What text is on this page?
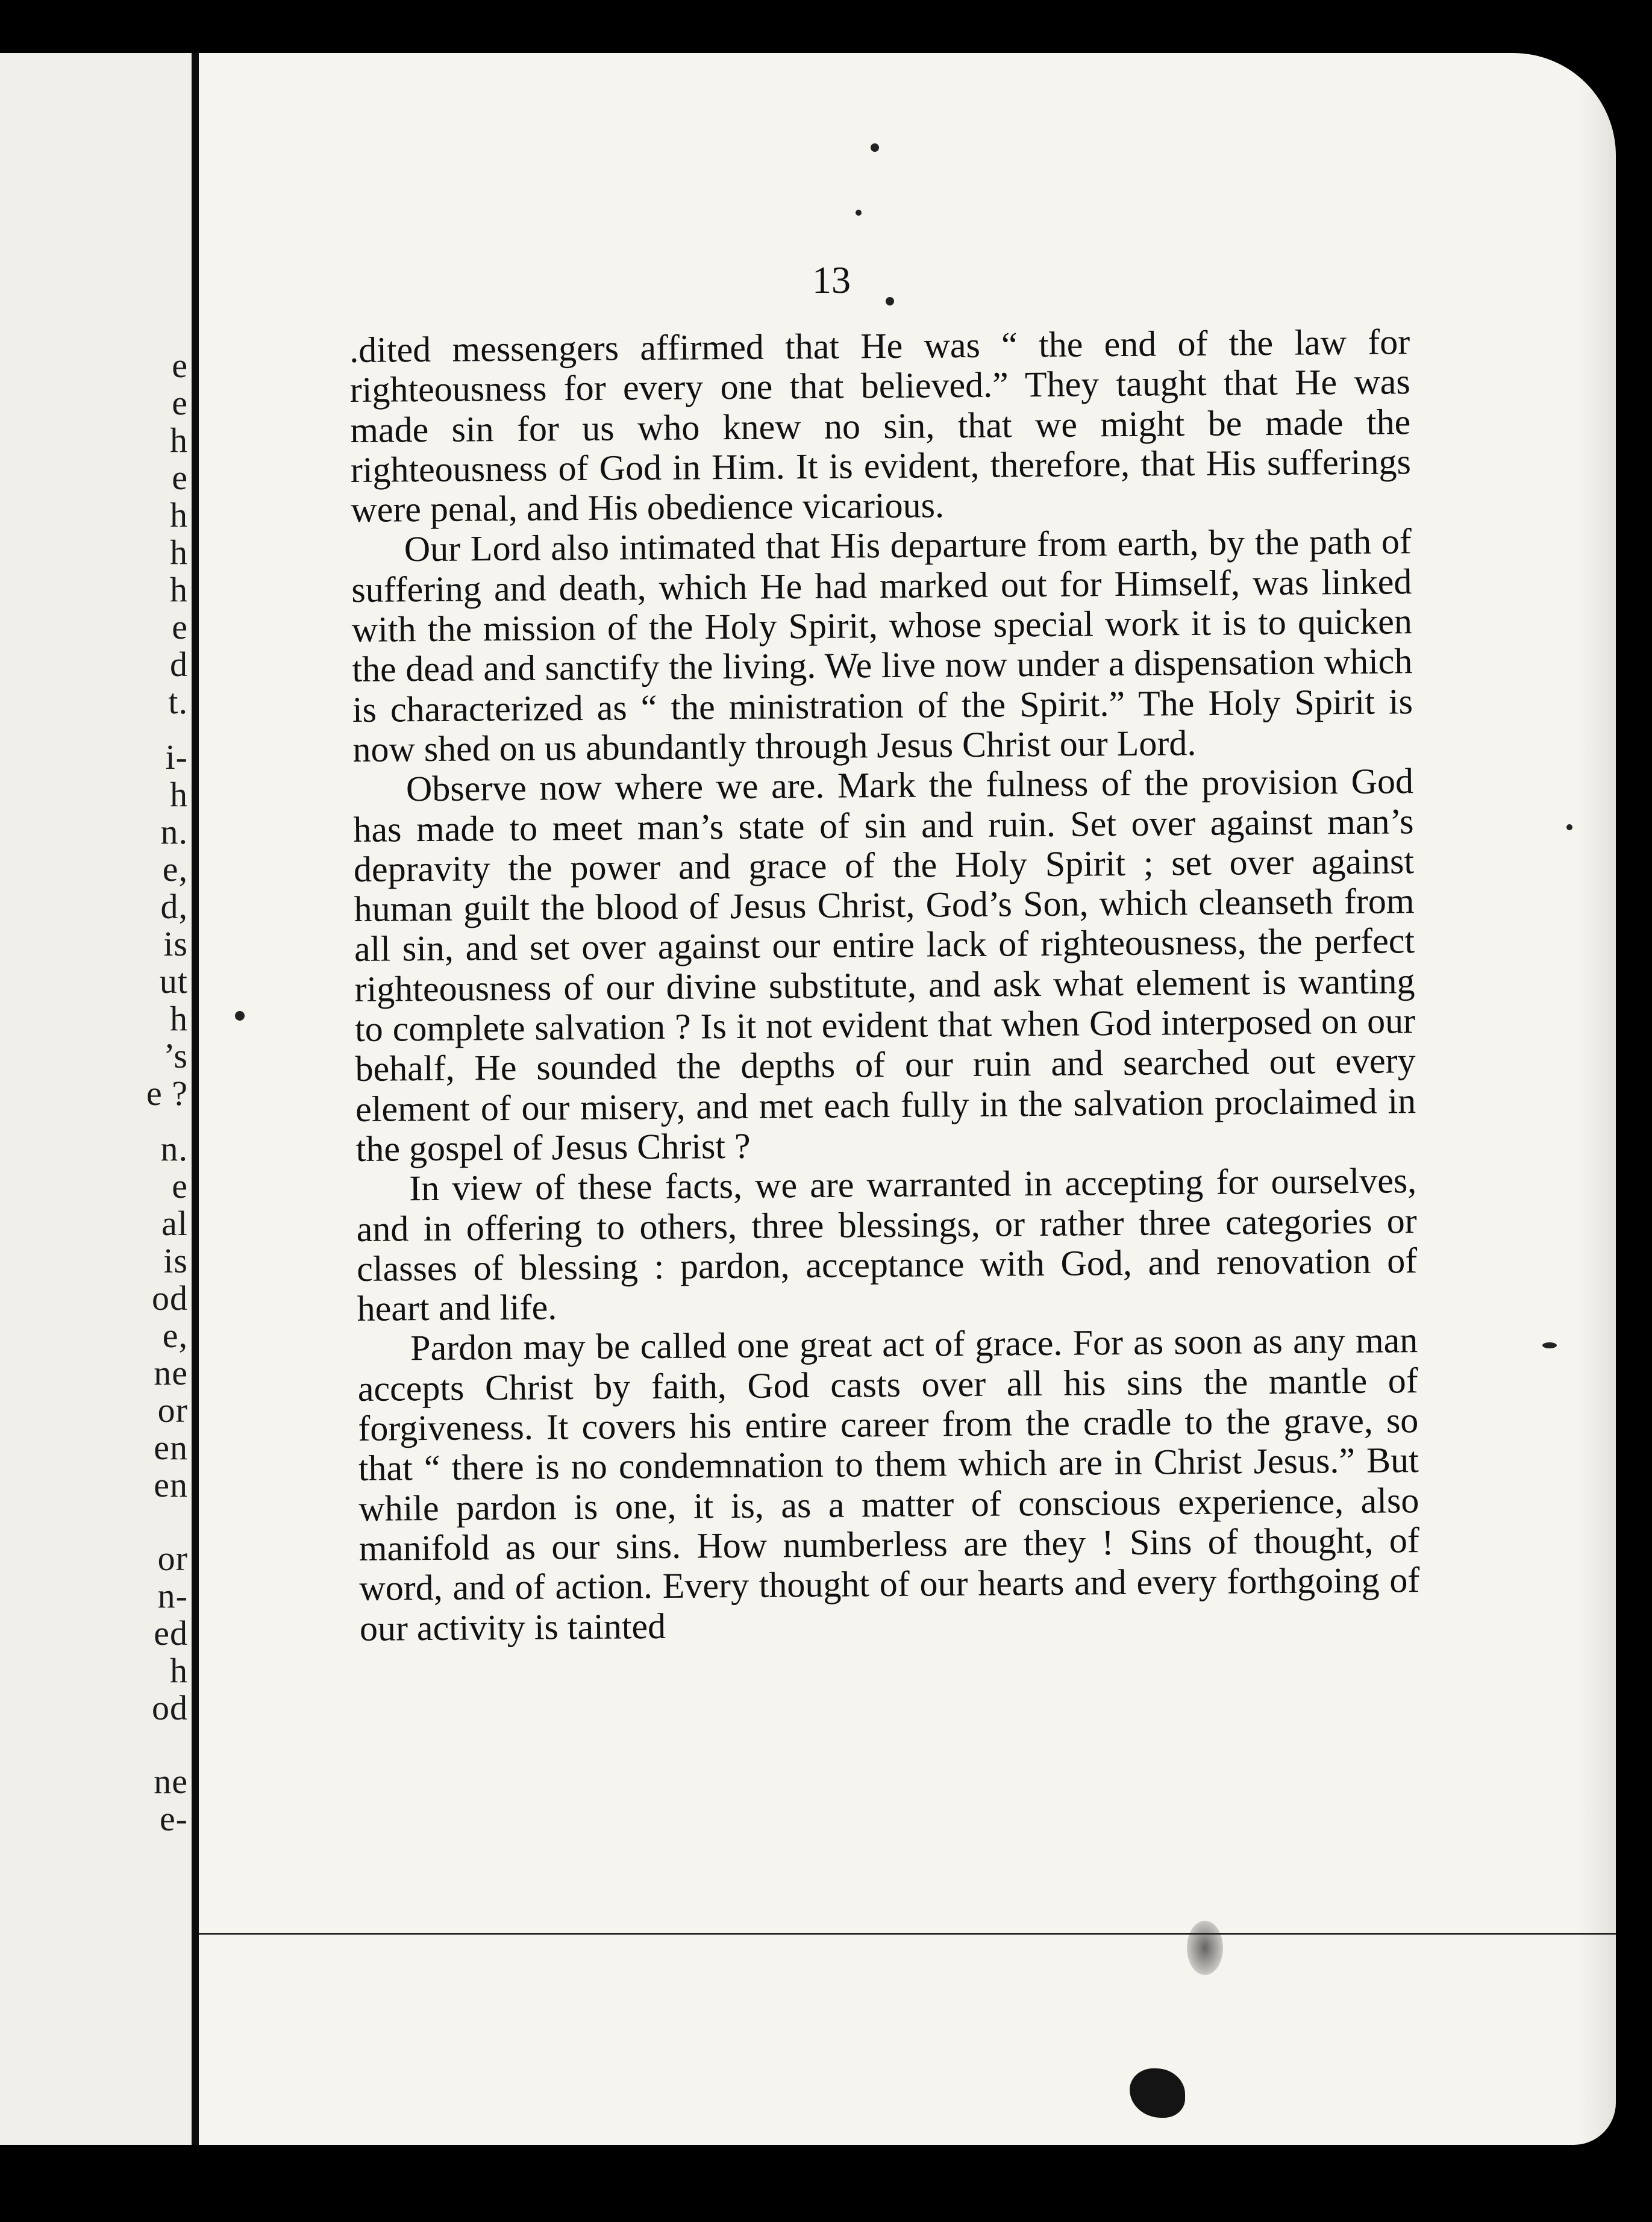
e
e
h
e
h
h
h
e
d
t.
i-
h
n.
e,
d,
is
ut
h
’s
e ?
n.
e
al
is
od
e,
ne
or
en
en
or
n-
ed
h
od
ne
e-
13

.dited messengers affirmed that He was “ the end of the law for righteousness for every one that believed.” They taught that He was made sin for us who knew no sin, that we might be made the righteousness of God in Him. It is evident, therefore, that His sufferings were penal, and His obedience vicarious.

Our Lord also intimated that His departure from earth, by the path of suffering and death, which He had marked out for Himself, was linked with the mission of the Holy Spirit, whose special work it is to quicken the dead and sanctify the living. We live now under a dispensation which is characterized as “ the ministration of the Spirit.” The Holy Spirit is now shed on us abundantly through Jesus Christ our Lord.

Observe now where we are. Mark the fulness of the provision God has made to meet man’s state of sin and ruin. Set over against man’s depravity the power and grace of the Holy Spirit ; set over against human guilt the blood of Jesus Christ, God’s Son, which cleanseth from all sin, and set over against our entire lack of righteousness, the perfect righteousness of our divine substitute, and ask what element is wanting to complete salvation ? Is it not evident that when God interposed on our behalf, He sounded the depths of our ruin and searched out every element of our misery, and met each fully in the salvation proclaimed in the gospel of Jesus Christ ?

In view of these facts, we are warranted in accepting for ourselves, and in offering to others, three blessings, or rather three categories or classes of blessing : pardon, acceptance with God, and renovation of heart and life.

Pardon may be called one great act of grace. For as soon as any man accepts Christ by faith, God casts over all his sins the mantle of forgiveness. It covers his entire career from the cradle to the grave, so that “ there is no condemnation to them which are in Christ Jesus.” But while pardon is one, it is, as a matter of conscious experience, also manifold as our sins. How numberless are they ! Sins of thought, of word, and of action. Every thought of our hearts and every forthgoing of our activity is tainted
